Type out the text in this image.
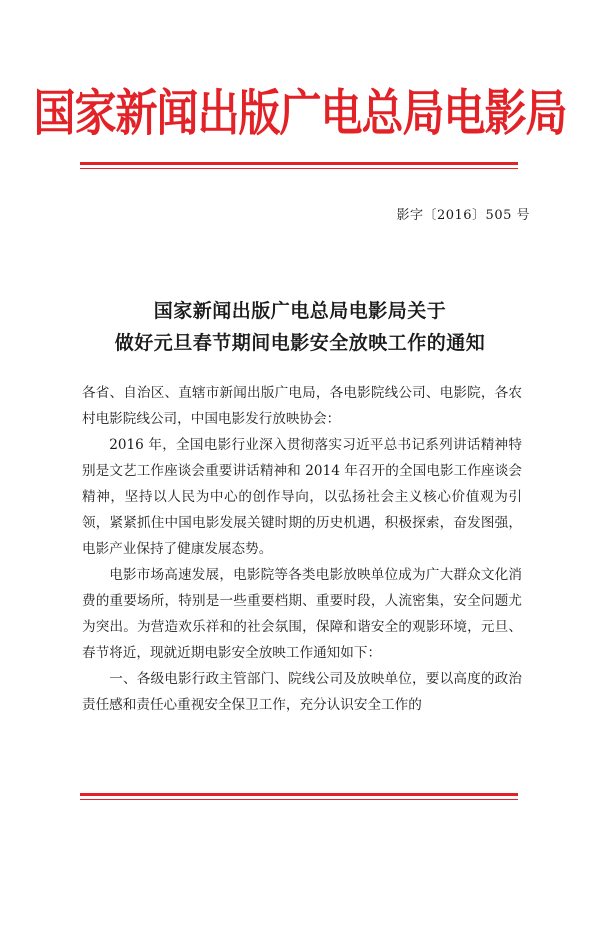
国家新闻出版广电总局电影局
影字〔2016〕505 号
国家新闻出版广电总局电影局关于
做好元旦春节期间电影安全放映工作的通知

各省、自治区、直辖市新闻出版广电局，各电影院线公司、电影院，各农村电影院线公司，中国电影发行放映协会：

2016 年，全国电影行业深入贯彻落实习近平总书记系列讲话精神特别是文艺工作座谈会重要讲话精神和 2014 年召开的全国电影工作座谈会精神，坚持以人民为中心的创作导向，以弘扬社会主义核心价值观为引领，紧紧抓住中国电影发展关键时期的历史机遇，积极探索，奋发图强，电影产业保持了健康发展态势。

电影市场高速发展，电影院等各类电影放映单位成为广大群众文化消费的重要场所，特别是一些重要档期、重要时段，人流密集，安全问题尤为突出。为营造欢乐祥和的社会氛围，保障和谐安全的观影环境，元旦、春节将近，现就近期电影安全放映工作通知如下：

一、各级电影行政主管部门、院线公司及放映单位，要以高度的政治责任感和责任心重视安全保卫工作，充分认识安全工作的
